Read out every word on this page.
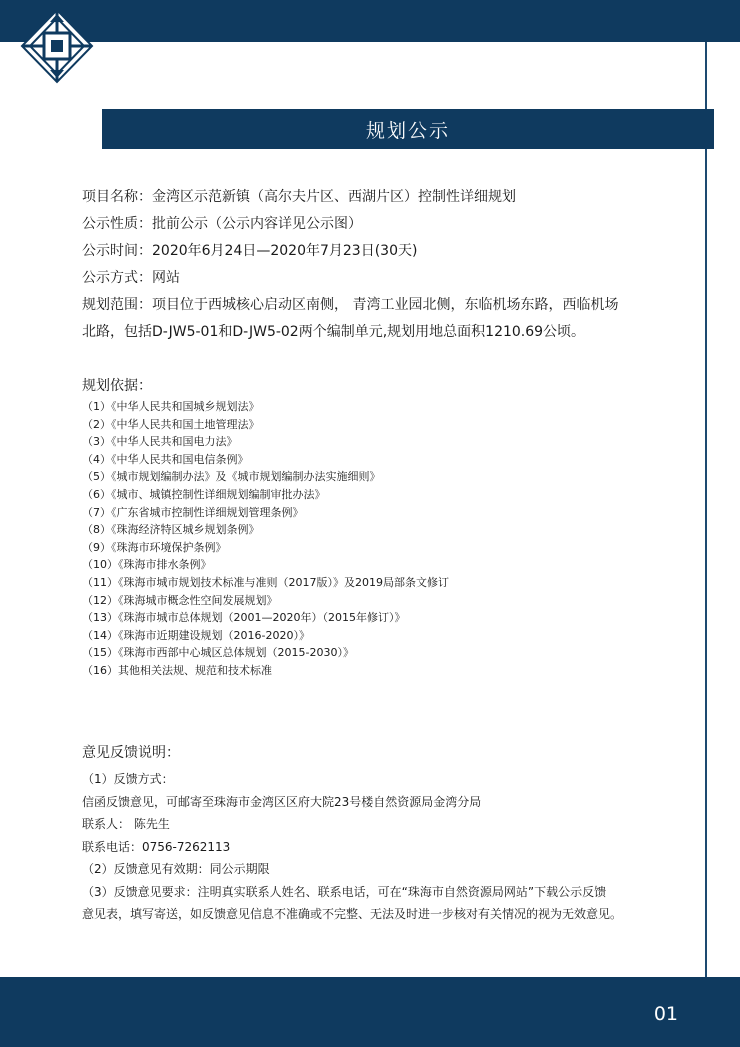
规划公示
项目名称：金湾区示范新镇（高尔夫片区、西湖片区）控制性详细规划
公示性质：批前公示（公示内容详见公示图）
公示时间：2020年6月24日—2020年7月23日(30天)
公示方式：网站
规划范围：项目位于西城核心启动区南侧， 青湾工业园北侧，东临机场东路，西临机场
北路，包括D-JW5-01和D-JW5-02两个编制单元,规划用地总面积1210.69公顷。
规划依据：
（1）《中华人民共和国城乡规划法》
（2）《中华人民共和国土地管理法》
（3）《中华人民共和国电力法》
（4）《中华人民共和国电信条例》
（5）《城市规划编制办法》及《城市规划编制办法实施细则》
（6）《城市、城镇控制性详细规划编制审批办法》
（7）《广东省城市控制性详细规划管理条例》
（8）《珠海经济特区城乡规划条例》
（9）《珠海市环境保护条例》
（10）《珠海市排水条例》
（11）《珠海市城市规划技术标准与准则（2017版）》及2019局部条文修订
（12）《珠海城市概念性空间发展规划》
（13）《珠海市城市总体规划（2001—2020年）（2015年修订）》
（14）《珠海市近期建设规划（2016-2020）》
（15）《珠海市西部中心城区总体规划（2015-2030）》
（16）其他相关法规、规范和技术标准
意见反馈说明：
（1）反馈方式：
信函反馈意见，可邮寄至珠海市金湾区区府大院23号楼自然资源局金湾分局
联系人： 陈先生
联系电话：0756-7262113
（2）反馈意见有效期：同公示期限
（3）反馈意见要求：注明真实联系人姓名、联系电话，可在“珠海市自然资源局网站”下载公示反馈
意见表，填写寄送，如反馈意见信息不准确或不完整、无法及时进一步核对有关情况的视为无效意见。
01
